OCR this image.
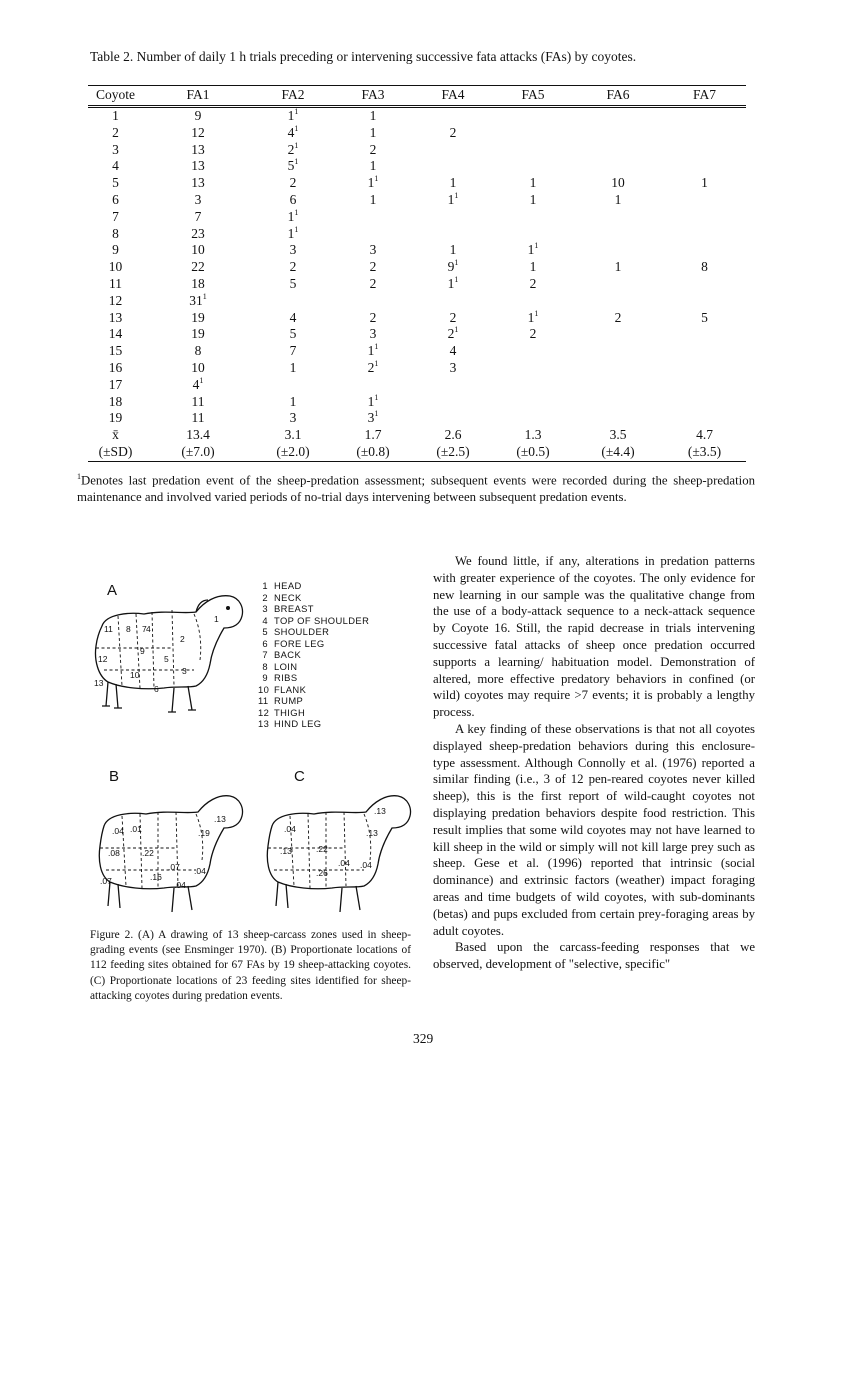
Table 2. Number of daily 1 h trials preceding or intervening successive fata attacks (FAs) by coyotes.
Coyote	FA1	FA2	FA3	FA4	FA5	FA6	FA7
1	9	$1^1$	1				
2	12	$4^1$	1	2			
3	13	$2^1$	2				
4	13	$5^1$	1				
5	13	2	$1^1$	1	1	10	1
6	3	6	1	$1^1$	1	1	
7	7	$1^1$					
8	23	$1^1$					
9	10	3	3	1	$1^1$		
10	22	2	2	$9^1$	1	1	8
11	18	5	2	$1^1$	2		
12	$31^1$						
13	19	4	2	2	$1^1$	2	5
14	19	5	3	$2^1$	2		
15	8	7	$1^1$	4			
16	10	1	$2^1$	3			
17	$4^1$						
18	11	1	$1^1$				
19	11	3	$3^1$				
x̄	13.4	3.1	1.7	2.6	1.3	3.5	4.7
(±SD)	(±7.0)	(±2.0)	(±0.8)	(±2.5)	(±0.5)	(±4.4)	(±3.5)
$^1$Denotes last predation event of the sheep-predation assessment; subsequent events were recorded during the sheep-predation maintenance and involved varied periods of no-trial days intervening between subsequent predation events.
A
B	C
1
2
3
4
5
6
7
8
9
10
11
12
13
.13
.19
.04 .01
.08	.22
.07 .04
.16
.04
.07
.13
.04	.13
.13	.22
.04 .04
.26
1 HEAD
2 NECK
3 BREAST
4 TOP OF SHOULDER
5 SHOULDER
6 FORE LEG
7 BACK
8 LOIN
9 RIBS
10 FLANK
11 RUMP
12 THIGH
13 HIND LEG
Figure 2. (A) A drawing of 13 sheep-carcass zones used in sheep-grading events (see Ensminger 1970). (B) Proportionate locations of 112 feeding sites obtained for 67 FAs by 19 sheep-attacking coyotes. (C) Proportionate locations of 23 feeding sites identified for sheep-attacking coyotes during predation events.

We found little, if any, alterations in predation patterns with greater experience of the coyotes. The only evidence for new learning in our sample was the qualitative change from the use of a body-attack sequence to a neck-attack sequence by Coyote 16. Still, the rapid decrease in trials intervening successive fatal attacks of sheep once predation occurred supports a learning/ habituation model. Demonstration of altered, more effective predatory behaviors in confined (or wild) coyotes may require >7 events; it is probably a lengthy process.

A key finding of these observations is that not all coyotes displayed sheep-predation behaviors during this enclosure-type assessment. Although Connolly et al. (1976) reported a similar finding (i.e., 3 of 12 pen-reared coyotes never killed sheep), this is the first report of wild-caught coyotes not displaying predation behaviors despite food restriction. This result implies that some wild coyotes may not have learned to kill sheep in the wild or simply will not kill large prey such as sheep. Gese et al. (1996) reported that intrinsic (social dominance) and extrinsic factors (weather) impact foraging areas and time budgets of wild coyotes, with sub-dominants (betas) and pups excluded from certain prey-foraging areas by adult coyotes.

Based upon the carcass-feeding responses that we observed, development of "selective, specific"

329
